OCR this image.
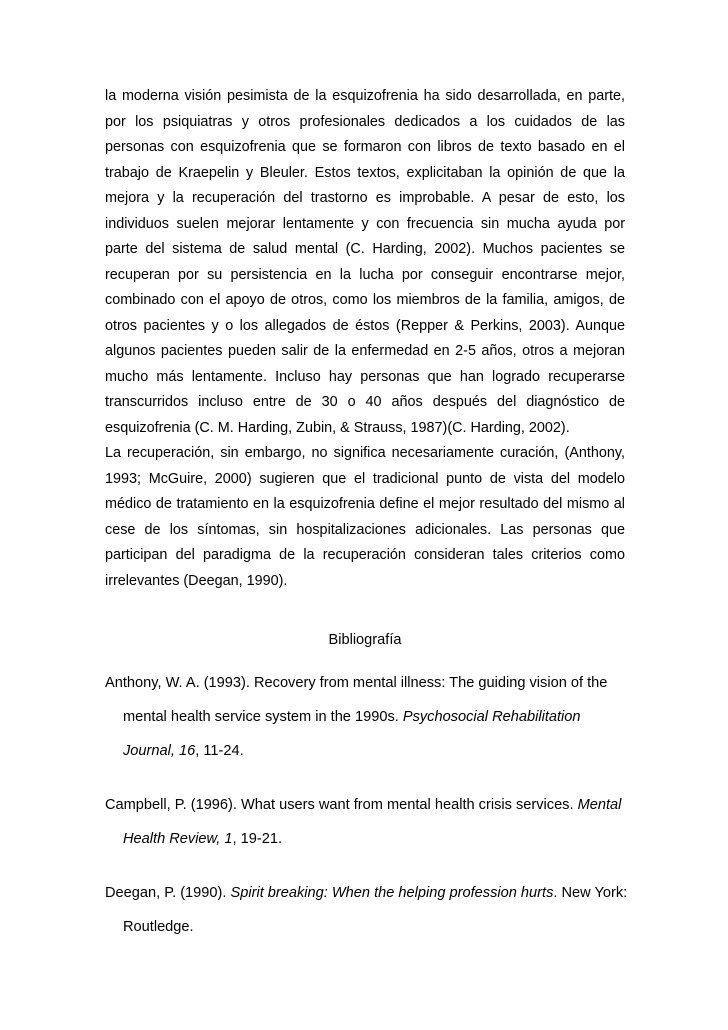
la moderna visión pesimista de la esquizofrenia ha sido desarrollada, en parte, por los psiquiatras y otros profesionales dedicados a los cuidados de las personas con esquizofrenia que se formaron con libros de texto basado en el trabajo de Kraepelin y Bleuler. Estos textos, explicitaban la opinión de que la mejora y la recuperación del trastorno es improbable. A pesar de esto, los individuos suelen mejorar lentamente y con frecuencia sin mucha ayuda por parte del sistema de salud mental (C. Harding, 2002). Muchos pacientes se recuperan por su persistencia en la lucha por conseguir encontrarse mejor, combinado con el apoyo de otros, como los miembros de la familia, amigos, de otros pacientes y o los allegados de éstos (Repper & Perkins, 2003). Aunque algunos pacientes pueden salir de la enfermedad en 2-5 años, otros a mejoran mucho más lentamente. Incluso hay personas que han logrado recuperarse transcurridos incluso entre de 30 o 40 años después del diagnóstico de esquizofrenia (C. M. Harding, Zubin, & Strauss, 1987)(C. Harding, 2002).

La recuperación, sin embargo, no significa necesariamente curación, (Anthony, 1993; McGuire, 2000) sugieren que el tradicional punto de vista del modelo médico de tratamiento en la esquizofrenia define el mejor resultado del mismo al cese de los síntomas, sin hospitalizaciones adicionales. Las personas que participan del paradigma de la recuperación consideran tales criterios como irrelevantes (Deegan, 1990).

Bibliografía

Anthony, W. A. (1993). Recovery from mental illness: The guiding vision of the mental health service system in the 1990s. Psychosocial Rehabilitation Journal, 16, 11-24.

Campbell, P. (1996). What users want from mental health crisis services. Mental Health Review, 1, 19-21.

Deegan, P. (1990). Spirit breaking: When the helping profession hurts. New York: Routledge.
